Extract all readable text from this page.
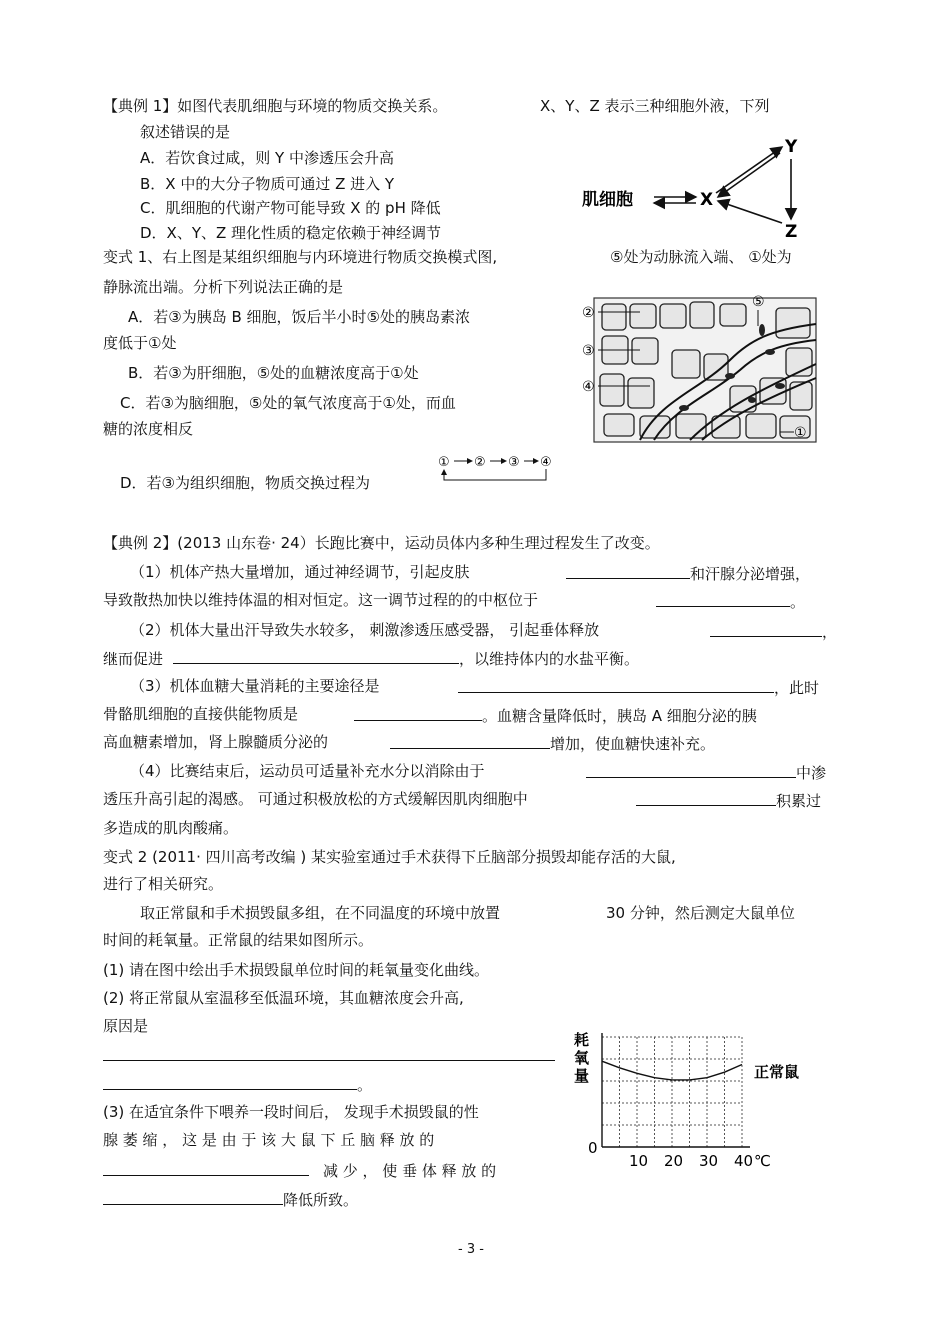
【典例 1】如图代表肌细胞与环境的物质交换关系。	X、Y、Z 表示三种细胞外液，下列
叙述错误的是
A．若饮食过咸，则 Y 中渗透压会升高
B．X 中的大分子物质可通过 Z 进入 Y
C．肌细胞的代谢产物可能导致 X 的 pH 降低
D．X、Y、Z 理化性质的稳定依赖于神经调节
肌细胞	X
Y
Z
变式 1、右上图是某组织细胞与内环境进行物质交换模式图,	⑤处为动脉流入端、 ①处为
静脉流出端。分析下列说法正确的是
A．若③为胰岛 B 细胞，饭后半小时⑤处的胰岛素浓
度低于①处
B．若③为肝细胞，⑤处的血糖浓度高于①处
C．若③为脑细胞，⑤处的氧气浓度高于①处，而血
糖的浓度相反
D．若③为组织细胞，物质交换过程为
① ② ③ ④
②
③
④
⑤
①
【典例 2】(2013 山东卷· 24）长跑比赛中，运动员体内多种生理过程发生了改变。
（1）机体产热大量增加，通过神经调节，引起皮肤	和汗腺分泌增强，
导致散热加快以维持体温的相对恒定。这一调节过程的的中枢位于	。
（2）机体大量出汗导致失水较多， 刺激渗透压感受器， 引起垂体释放	，
继而促进	，以维持体内的水盐平衡。
（3）机体血糖大量消耗的主要途径是	，此时
骨骼肌细胞的直接供能物质是	。血糖含量降低时，胰岛 A 细胞分泌的胰
高血糖素增加，肾上腺髓质分泌的	增加，使血糖快速补充。
（4）比赛结束后，运动员可适量补充水分以消除由于	中渗
透压升高引起的渴感。 可通过积极放松的方式缓解因肌肉细胞中	积累过
多造成的肌肉酸痛。
变式 2 (2011· 四川高考改编 ) 某实验室通过手术获得下丘脑部分损毁却能存活的大鼠,
进行了相关研究。
取正常鼠和手术损毁鼠多组，在不同温度的环境中放置	30 分钟，然后测定大鼠单位
时间的耗氧量。正常鼠的结果如图所示。
(1) 请在图中绘出手术损毁鼠单位时间的耗氧量变化曲线。
(2) 将正常鼠从室温移至低温环境，其血糖浓度会升高,
原因是
。
(3) 在适宜条件下喂养一段时间后， 发现手术损毁鼠的性
腺 萎 缩 ， 这 是 由 于 该 大 鼠 下 丘 脑 释 放 的
减 少 ， 使 垂 体 释 放 的
降低所致。
耗
氧
量	正常鼠
0
10 20 30 40 ℃
- 3 -
